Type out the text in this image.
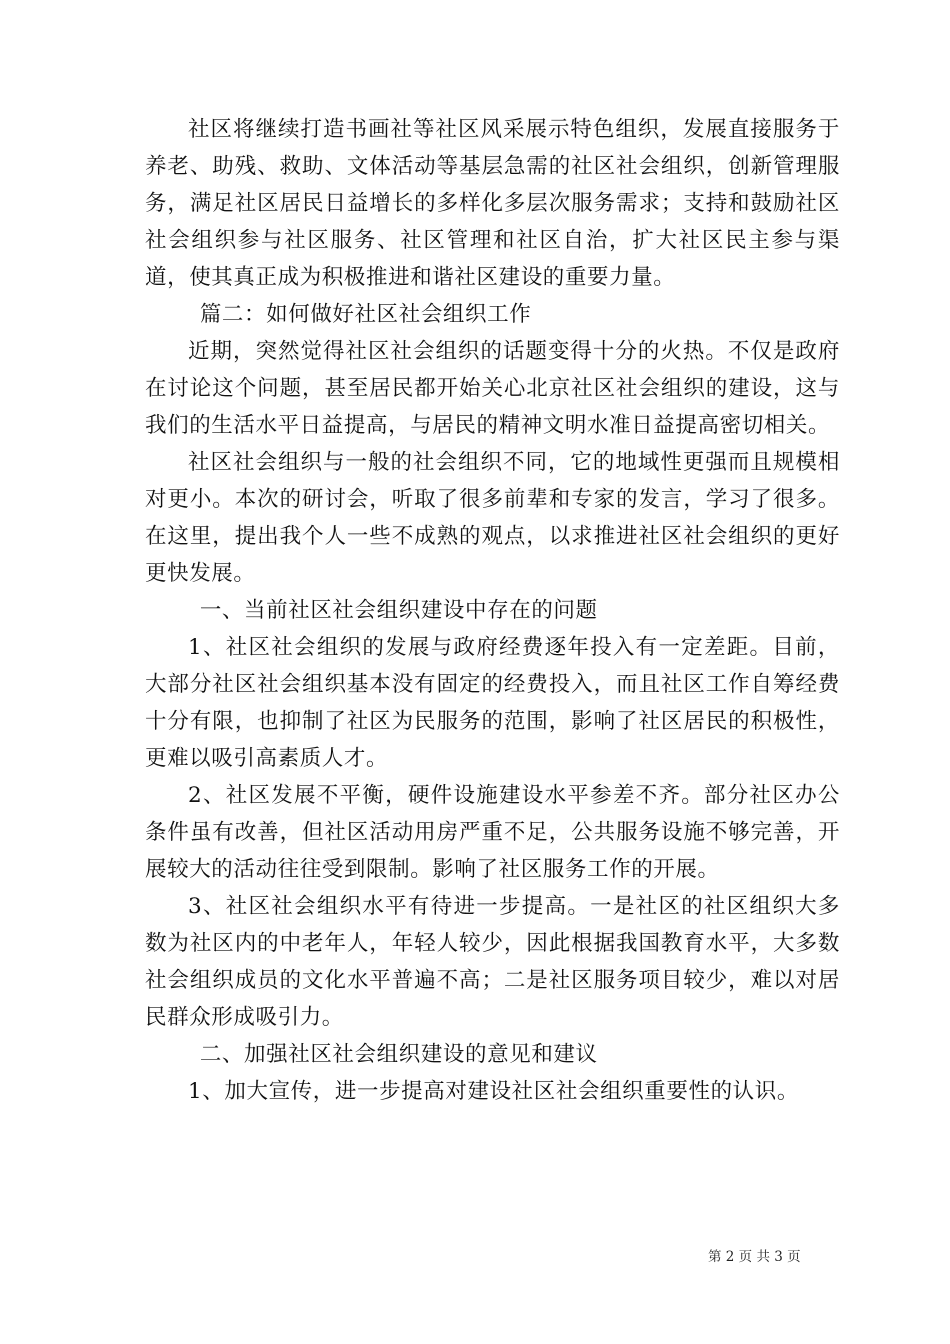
社区将继续打造书画社等社区风采展示特色组织，发展直接服务于养老、助残、救助、文体活动等基层急需的社区社会组织，创新管理服务，满足社区居民日益增长的多样化多层次服务需求；支持和鼓励社区社会组织参与社区服务、社区管理和社区自治，扩大社区民主参与渠道，使其真正成为积极推进和谐社区建设的重要力量。

篇二：如何做好社区社会组织工作

近期，突然觉得社区社会组织的话题变得十分的火热。不仅是政府在讨论这个问题，甚至居民都开始关心北京社区社会组织的建设，这与我们的生活水平日益提高，与居民的精神文明水准日益提高密切相关。

社区社会组织与一般的社会组织不同，它的地域性更强而且规模相对更小。本次的研讨会，听取了很多前辈和专家的发言，学习了很多。在这里，提出我个人一些不成熟的观点，以求推进社区社会组织的更好更快发展。

一、当前社区社会组织建设中存在的问题

1、社区社会组织的发展与政府经费逐年投入有一定差距。目前，大部分社区社会组织基本没有固定的经费投入，而且社区工作自筹经费十分有限，也抑制了社区为民服务的范围，影响了社区居民的积极性，更难以吸引高素质人才。

2、社区发展不平衡，硬件设施建设水平参差不齐。部分社区办公条件虽有改善，但社区活动用房严重不足，公共服务设施不够完善，开展较大的活动往往受到限制。影响了社区服务工作的开展。

3、社区社会组织水平有待进一步提高。一是社区的社区组织大多数为社区内的中老年人，年轻人较少，因此根据我国教育水平，大多数社会组织成员的文化水平普遍不高；二是社区服务项目较少，难以对居民群众形成吸引力。

二、加强社区社会组织建设的意见和建议

1、加大宣传，进一步提高对建设社区社会组织重要性的认识。

第 2 页 共 3 页
